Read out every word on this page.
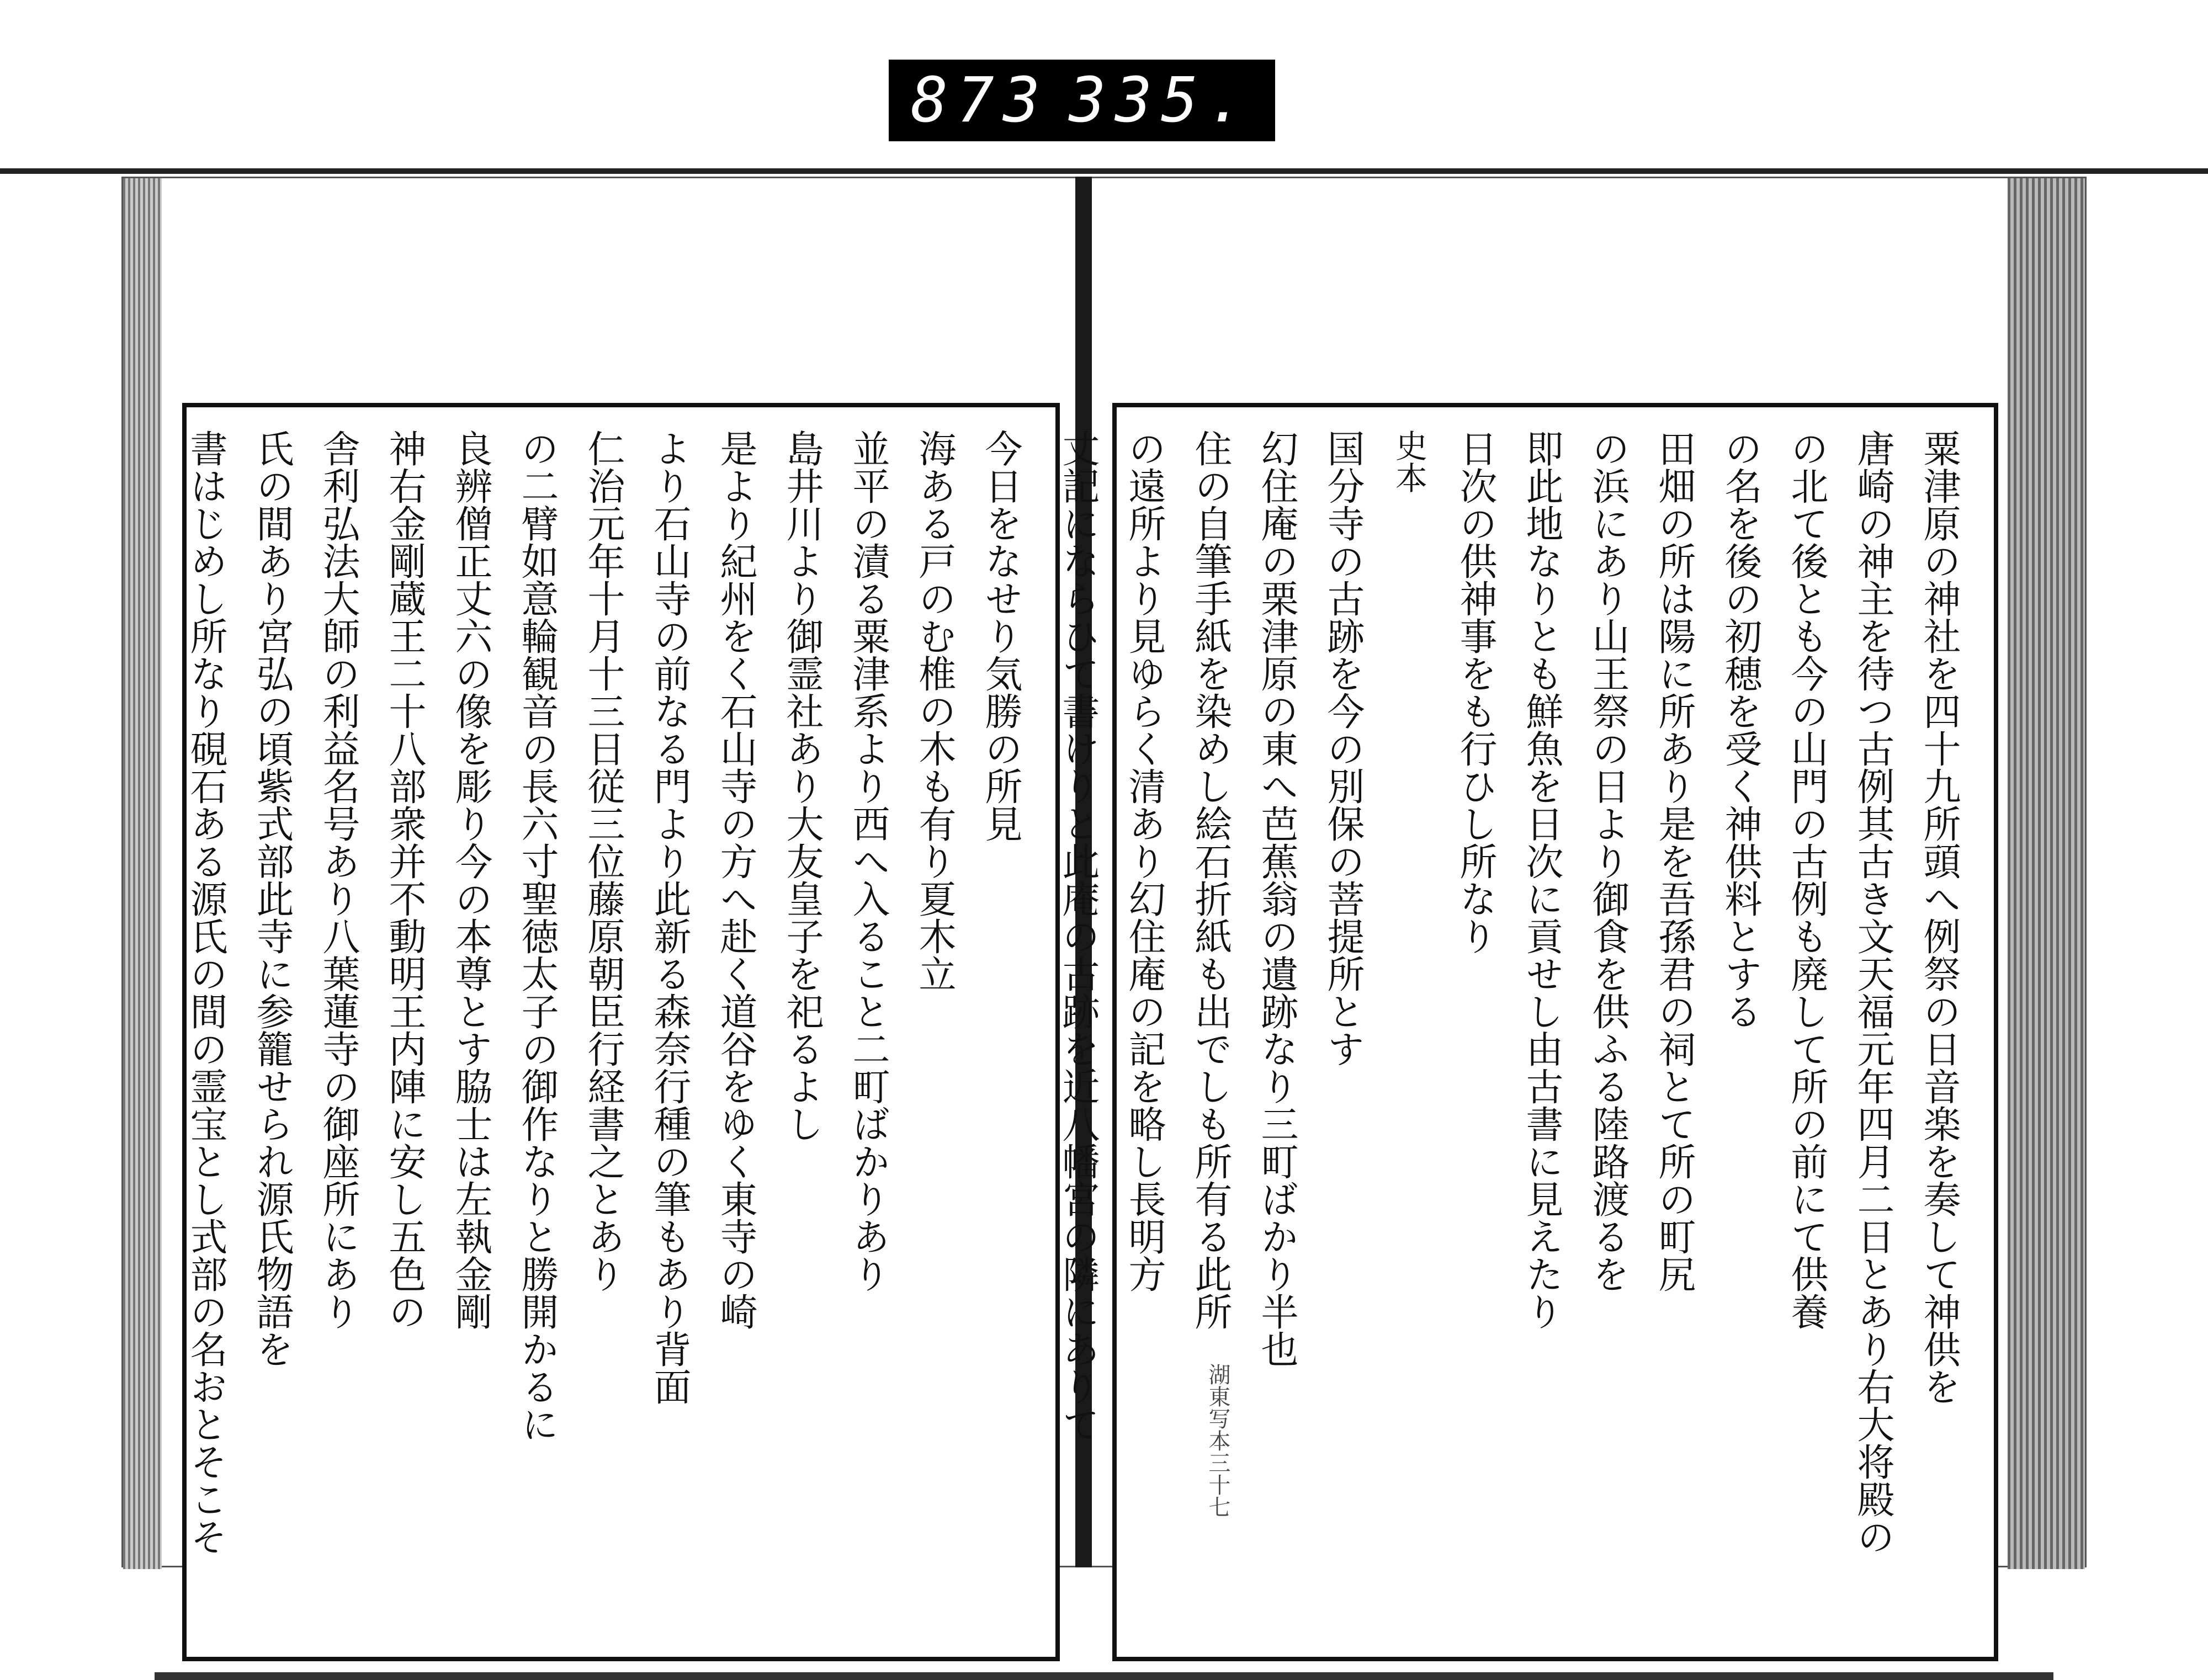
873 335.
今日をなせり気勝の所見
海ある戸のむ椎の木も有り夏木立
並平の漬る粟津系より西へ入ること二町ばかりあり
島井川より御霊社あり大友皇子を祀るよし
是より紀州をく石山寺の方へ赴く道谷をゆく東寺の崎
より石山寺の前なる門より此新る森奈行種の筆もあり背面
仁治元年十月十三日従三位藤原朝臣行経書之とあり
の二臂如意輪観音の長六寸聖徳太子の御作なりと勝開かるに
良辨僧正丈六の像を彫り今の本尊とす脇士は左執金剛
神右金剛蔵王二十八部衆并不動明王内陣に安し五色の
舎利弘法大師の利益名号あり八葉蓮寺の御座所にあり
氏の間あり宮弘の頃紫式部此寺に参籠せられ源氏物語を
書はじめし所なり硯石ある源氏の間の霊宝とし式部の名おとそこそ	粟津原の神社を四十九所頭へ例祭の日音楽を奏して神供を
唐崎の神主を待つ古例其古き文天福元年四月二日とあり右大将殿の
の北て後とも今の山門の古例も廃して所の前にて供養
の名を後の初穂を受く神供料とする
田畑の所は陽に所あり是を吾孫君の祠とて所の町尻
の浜にあり山王祭の日より御食を供ふる陸路渡るを
即此地なりとも鮮魚を日次に貢せし由古書に見えたり
日次の供神事をも行ひし所なり
史本
国分寺の古跡を今の別保の菩提所とす
幻住庵の栗津原の東へ芭蕉翁の遺跡なり三町ばかり半也
住の自筆手紙を染めし絵石折紙も出でしも所有る此所
の遠所より見ゆらく清あり幻住庵の記を略し長明方
丈記にならひて書けりと此庵の古跡を近八幡宮の隣にありて	湖東写本三十七
